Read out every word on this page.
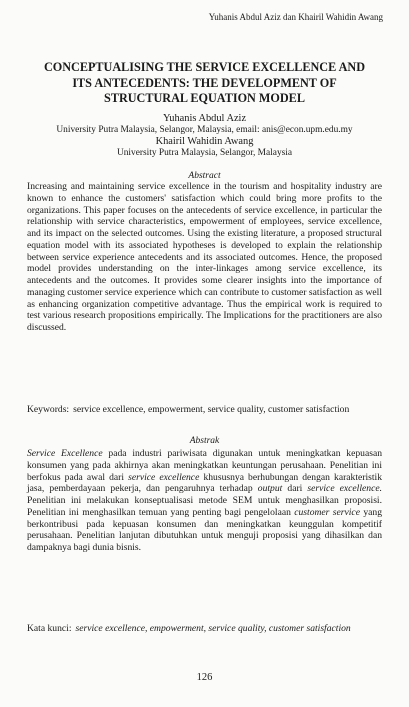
Yuhanis Abdul Aziz dan Khairil Wahidin Awang
CONCEPTUALISING THE SERVICE EXCELLENCE AND ITS ANTECEDENTS: THE DEVELOPMENT OF STRUCTURAL EQUATION MODEL
Yuhanis Abdul Aziz
University Putra Malaysia, Selangor, Malaysia, email: anis@econ.upm.edu.my
Khairil Wahidin Awang
University Putra Malaysia, Selangor, Malaysia
Abstract
Increasing and maintaining service excellence in the tourism and hospitality industry are known to enhance the customers' satisfaction which could bring more profits to the organizations. This paper focuses on the antecedents of service excellence, in particular the relationship with service characteristics, empowerment of employees, service excellence, and its impact on the selected outcomes. Using the existing literature, a proposed structural equation model with its associated hypotheses is developed to explain the relationship between service experience antecedents and its associated outcomes. Hence, the proposed model provides understanding on the inter-linkages among service excellence, its antecedents and the outcomes. It provides some clearer insights into the importance of managing customer service experience which can contribute to customer satisfaction as well as enhancing organization competitive advantage. Thus the empirical work is required to test various research propositions empirically. The Implications for the practitioners are also discussed.
Keywords: service excellence, empowerment, service quality, customer satisfaction
Abstrak
Service Excellence pada industri pariwisata digunakan untuk meningkatkan kepuasan konsumen yang pada akhirnya akan meningkatkan keuntungan perusahaan. Penelitian ini berfokus pada awal dari service excellence khususnya berhubungan dengan karakteristik jasa, pemberdayaan pekerja, dan pengaruhnya terhadap output dari service excellence. Penelitian ini melakukan konseptualisasi metode SEM untuk menghasilkan proposisi. Penelitian ini menghasilkan temuan yang penting bagi pengelolaan customer service yang berkontribusi pada kepuasan konsumen dan meningkatkan keunggulan kompetitif perusahaan. Penelitian lanjutan dibutuhkan untuk menguji proposisi yang dihasilkan dan dampaknya bagi dunia bisnis.
Kata kunci: service excellence, empowerment, service quality, customer satisfaction
126
